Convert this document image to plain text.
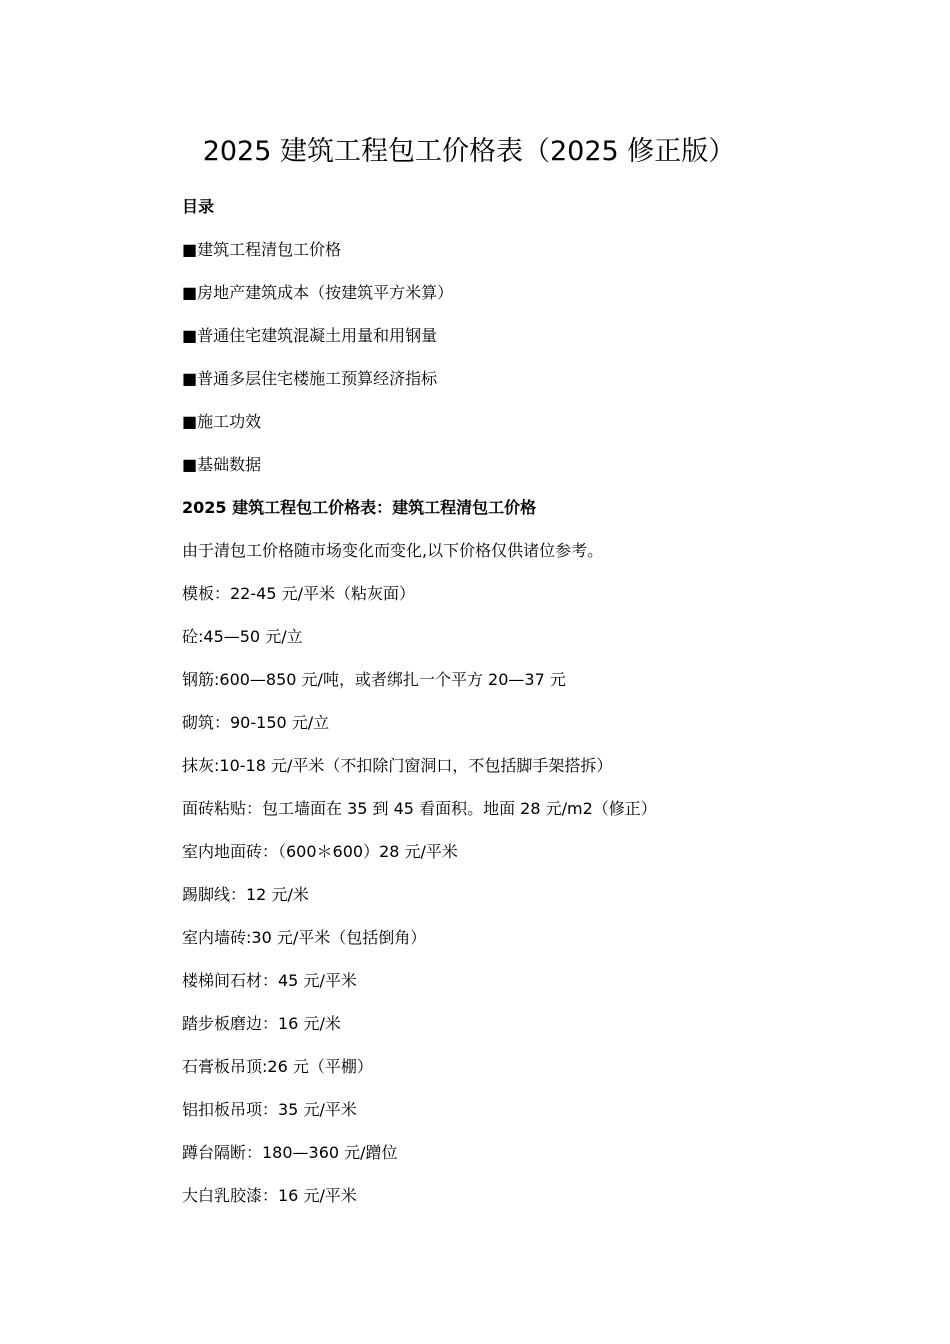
2025 建筑工程包工价格表（2025 修正版）

目录

■建筑工程清包工价格

■房地产建筑成本（按建筑平方米算）

■普通住宅建筑混凝土用量和用钢量

■普通多层住宅楼施工预算经济指标

■施工功效

■基础数据

2025 建筑工程包工价格表：建筑工程清包工价格

由于清包工价格随市场变化而变化,以下价格仅供诸位参考。

模板：22-45 元/平米（粘灰面）

砼:45—50 元/立

钢筋:600—850 元/吨，或者绑扎一个平方 20—37 元

砌筑：90-150 元/立

抹灰:10-18 元/平米（不扣除门窗洞口，不包括脚手架搭拆）

面砖粘贴：包工墙面在 35 到 45 看面积。地面 28 元/m2（修正）

室内地面砖：（600＊600）28 元/平米

踢脚线：12 元/米

室内墙砖:30 元/平米（包括倒角）

楼梯间石材：45 元/平米

踏步板磨边：16 元/米

石膏板吊顶:26 元（平棚）

铝扣板吊项：35 元/平米

蹲台隔断：180—360 元/蹭位

大白乳胶漆：16 元/平米
